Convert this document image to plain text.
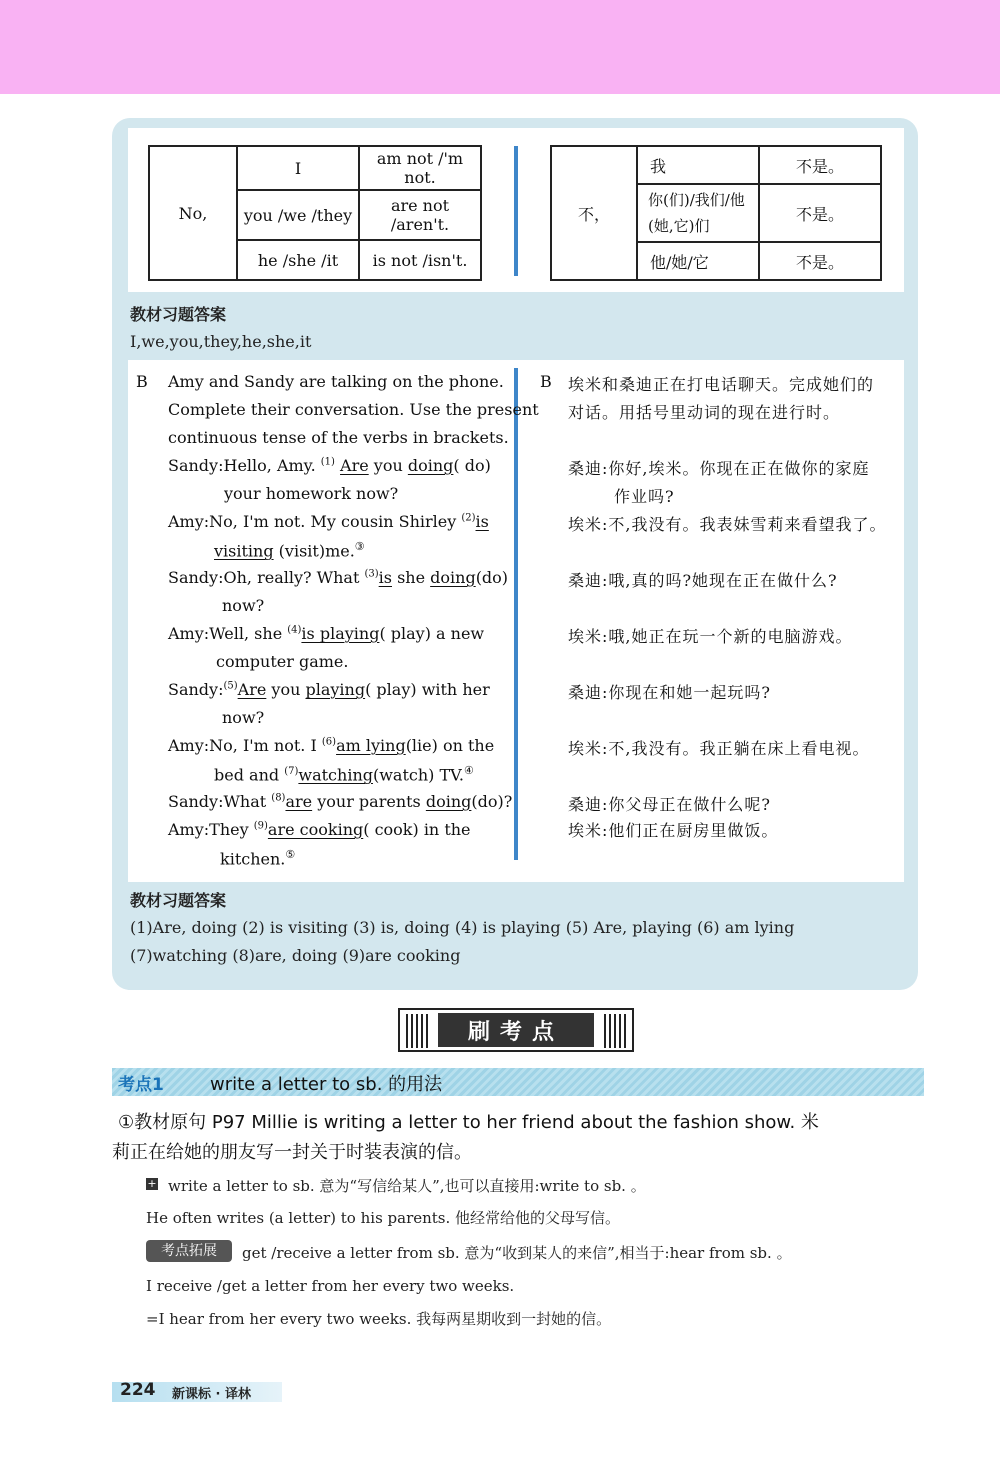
No,	I	am not /'m not.
	you /we /they	are not /aren't.
	he /she /it	is not /isn't.
不，	我	不是。
	你(们)/我们/他(她,它)们	不是。
	他/她/它	不是。
教材习题答案
I,we,you,they,he,she,it
B Amy and Sandy are talking on the phone.
Complete their conversation. Use the present
continuous tense of the verbs in brackets.
Sandy:Hello, Amy. $^{(1)}$ Are you doing( do)
your homework now?
Amy:No, I'm not. My cousin Shirley $^{(2)}$is
visiting (visit)me.③
Sandy:Oh, really? What $^{(3)}$is she doing(do)
now?
Amy:Well, she $^{(4)}$is playing( play) a new
computer game.
Sandy:$^{(5)}$Are you playing( play) with her
now?
Amy:No, I'm not. I $^{(6)}$am lying(lie) on the
bed and $^{(7)}$watching(watch) TV.④
Sandy:What $^{(8)}$are your parents doing(do)?
Amy:They $^{(9)}$are cooking( cook) in the
kitchen.⑤
B 埃米和桑迪正在打电话聊天。完成她们的
对话。用括号里动词的现在进行时。
桑迪:你好,埃米。你现在正在做你的家庭
作业吗?
埃米:不,我没有。我表妹雪莉来看望我了。
桑迪:哦,真的吗?她现在正在做什么?
埃米:哦,她正在玩一个新的电脑游戏。
桑迪:你现在和她一起玩吗?
埃米:不,我没有。我正躺在床上看电视。
桑迪:你父母正在做什么呢?
埃米:他们正在厨房里做饭。
教材习题答案
(1)Are, doing (2) is visiting (3) is, doing (4) is playing (5) Are, playing (6) am lying
(7)watching (8)are, doing (9)are cooking
刷考点
考点1	write a letter to sb. 的用法
①教材原句 P97 Millie is writing a letter to her friend about the fashion show. 米
莉正在给她的朋友写一封关于时装表演的信。
+ write a letter to sb. 意为“写信给某人”,也可以直接用:write to sb. 。
He often writes (a letter) to his parents. 他经常给他的父母写信。
考点拓展	get /receive a letter from sb. 意为“收到某人的来信”,相当于:hear from sb. 。
I receive /get a letter from her every two weeks.
=I hear from her every two weeks. 我每两星期收到一封她的信。
224 新课标 · 译林
